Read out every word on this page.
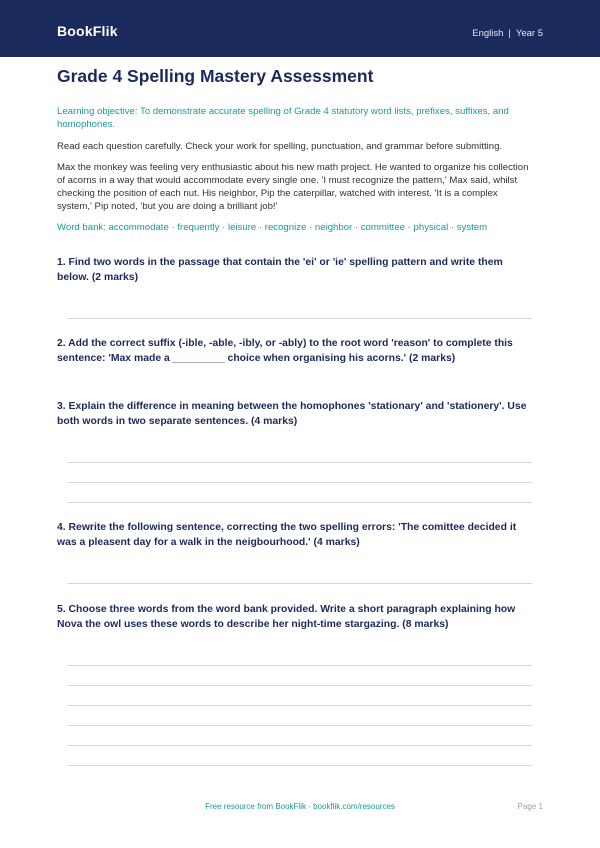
BookFlik	English | Year 5
Grade 4 Spelling Mastery Assessment
Learning objective: To demonstrate accurate spelling of Grade 4 statutory word lists, prefixes, suffixes, and homophones.
Read each question carefully. Check your work for spelling, punctuation, and grammar before submitting.
Max the monkey was feeling very enthusiastic about his new math project. He wanted to organize his collection of acorns in a way that would accommodate every single one. 'I must recognize the pattern,' Max said, whilst checking the position of each nut. His neighbor, Pip the caterpillar, watched with interest. 'It is a complex system,' Pip noted, 'but you are doing a brilliant job!'
Word bank: accommodate · frequently · leisure · recognize · neighbor · committee · physical · system
1. Find two words in the passage that contain the 'ei' or 'ie' spelling pattern and write them below. (2 marks)
2. Add the correct suffix (-ible, -able, -ibly, or -ably) to the root word 'reason' to complete this sentence: 'Max made a _________ choice when organising his acorns.' (2 marks)
3. Explain the difference in meaning between the homophones 'stationary' and 'stationery'. Use both words in two separate sentences. (4 marks)
4. Rewrite the following sentence, correcting the two spelling errors: 'The comittee decided it was a pleasent day for a walk in the neigbourhood.' (4 marks)
5. Choose three words from the word bank provided. Write a short paragraph explaining how Nova the owl uses these words to describe her night-time stargazing. (8 marks)
Free resource from BookFlik · bookflik.com/resources	Page 1
